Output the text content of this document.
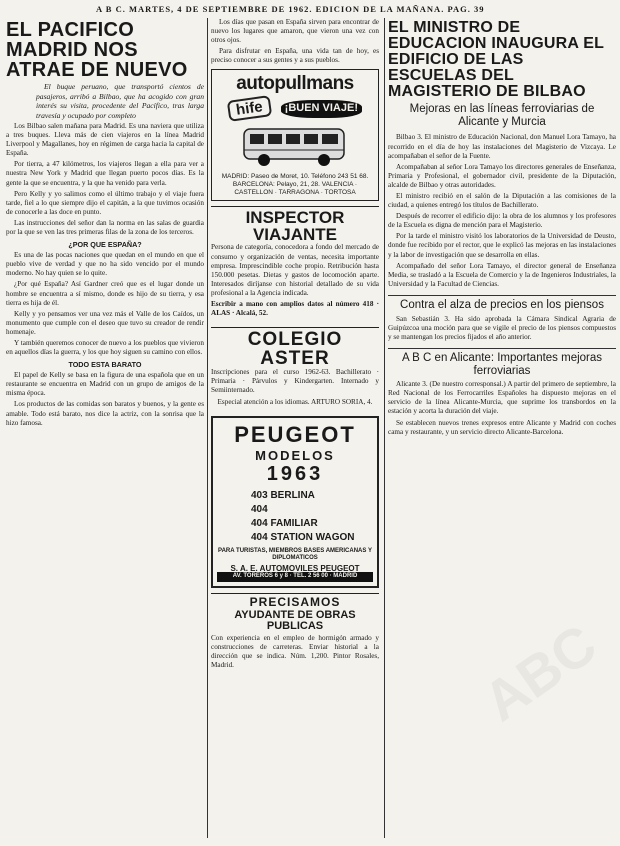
A B C. MARTES, 4 DE SEPTIEMBRE DE 1962. EDICION DE LA MAÑANA. PAG. 39
ABC
EL PACIFICO MADRID NOS ATRAE DE NUEVO

El buque peruano, que transportó cientos de pasajeros, arribó a Bilbao, que ha acogido con gran interés su visita, procedente del Pacífico, tras larga travesía y ocupado por completo

Los Bilbao salen mañana para Madrid. Es una naviera que utiliza a tres buques. Lleva más de cien viajeros en la línea Madrid Liverpool y Magallanes, hoy en régimen de carga hacia la capital de España.

Por tierra, a 47 kilómetros, los viajeros llegan a ella para ver a nuestra New York y Madrid que llegan puerto pocos días. Es la gente la que se encuentra, y la que ha venido para verla.

Pero Kelly y yo salimos como el último trabajo y el viaje fuera tarde, fiel a lo que siempre dijo el capitán, a la que tuvimos ocasión de conocerle a las doce en punto.

Las instrucciones del señor dan la norma en las salas de guardia por la que se ven las tres primeras filas de la zona de los terceros.

¿POR QUE ESPAÑA?

Es una de las pocas naciones que quedan en el mundo en que el pueblo vive de verdad y que no ha sido vencido por el mundo moderno. No hay quien se lo quite.

¿Por qué España? Así Gardner creó que es el lugar donde un hombre se encuentra a sí mismo, donde es hijo de su tierra, y esa tierra es hija de él.

Kelly y yo pensamos ver una vez más el Valle de los Caídos, un monumento que cumple con el deseo que tuvo su creador de rendir homenaje.

Y también queremos conocer de nuevo a los pueblos que vivieron en aquellos días la guerra, y los que hoy siguen su camino con ellos.

TODO ESTA BARATO

El papel de Kelly se basa en la figura de una española que en un restaurante se encuentra en Madrid con un grupo de amigos de la misma época.

Los productos de las comidas son baratos y buenos, y la gente es amable. Todo está barato, nos dice la actriz, con la sonrisa que la hizo famosa.

Los días que pasan en España sirven para encontrar de nuevo los lugares que amaron, que vieron una vez con otros ojos.

Para disfrutar en España, una vida tan de hoy, es preciso conocer a sus gentes y a sus pueblos.

autopullmans
hife	¡BUEN VIAJE!
MADRID: Paseo de Moret, 10. Teléfono 243 51 68. BARCELONA: Pelayo, 21, 28. VALENCIA · CASTELLON · TARRAGONA · TORTOSA
INSPECTOR VIAJANTE

Persona de categoría, conocedora a fondo del mercado de consumo y organización de ventas, necesita importante empresa. Imprescindible coche propio. Retribución hasta 150.000 pesetas. Dietas y gastos de locomoción aparte. Interesados diríjanse con historial detallado de su vida profesional a la Agencia indicada.

Escribir a mano con amplios datos al número 418 · ALAS · Alcalá, 52.

COLEGIO ASTER

Inscripciones para el curso 1962-63. Bachillerato · Primaria · Párvulos y Kindergarten. Internado y Semiinternado.

Especial atención a los idiomas. ARTURO SORIA, 4.

PEUGEOT
MODELOS
1963
403 BERLINA
404
404 FAMILIAR
404 STATION WAGON
PARA TURISTAS, MIEMBROS BASES AMERICANAS Y DIPLOMATICOS
S. A. E. AUTOMOVILES PEUGEOT
AV. TOREROS 6 y 8 · TEL. 2 56 00 · MADRID
PRECISAMOS
AYUDANTE DE OBRAS PUBLICAS

Con experiencia en el empleo de hormigón armado y construcciones de carreteras. Enviar historial a la dirección que se indica. Núm. 1,200. Pintor Rosales, Madrid.

EL MINISTRO DE EDUCACION INAUGURA EL EDIFICIO DE LAS ESCUELAS DEL MAGISTERIO DE BILBAO
Mejoras en las líneas ferroviarias de Alicante y Murcia

Bilbao 3. El ministro de Educación Nacional, don Manuel Lora Tamayo, ha recorrido en el día de hoy las instalaciones del Magisterio de Vizcaya. Le acompañaban el señor de la Fuente.

Acompañaban al señor Lora Tamayo los directores generales de Enseñanza, Primaria y Profesional, el gobernador civil, presidente de la Diputación, alcalde de Bilbao y otras autoridades.

El ministro recibió en el salón de la Diputación a las comisiones de la ciudad, a quienes entregó los títulos de Bachillerato.

Después de recorrer el edificio dijo: la obra de los alumnos y los profesores de la Escuela es digna de mención para el Magisterio.

Por la tarde el ministro visitó los laboratorios de la Universidad de Deusto, donde fue recibido por el rector, que le explicó las mejoras en las instalaciones y la labor de investigación que se desarrolla en ellas.

Acompañado del señor Lora Tamayo, el director general de Enseñanza Media, se trasladó a la Escuela de Comercio y la de Ingenieros Industriales, la Universidad y la Facultad de Ciencias.

Contra el alza de precios en los piensos

San Sebastián 3. Ha sido aprobada la Cámara Sindical Agraria de Guipúzcoa una moción para que se vigile el precio de los piensos compuestos y se mantengan los precios fijados el año anterior.

A B C en Alicante: Importantes mejoras ferroviarias

Alicante 3. (De nuestro corresponsal.) A partir del primero de septiembre, la Red Nacional de los Ferrocarriles Españoles ha dispuesto mejoras en el servicio de la línea Alicante-Murcia, que suprime los transbordos en la estación y acorta la duración del viaje.

Se establecen nuevos trenes expresos entre Alicante y Madrid con coches cama y restaurante, y un servicio directo Alicante-Barcelona.
